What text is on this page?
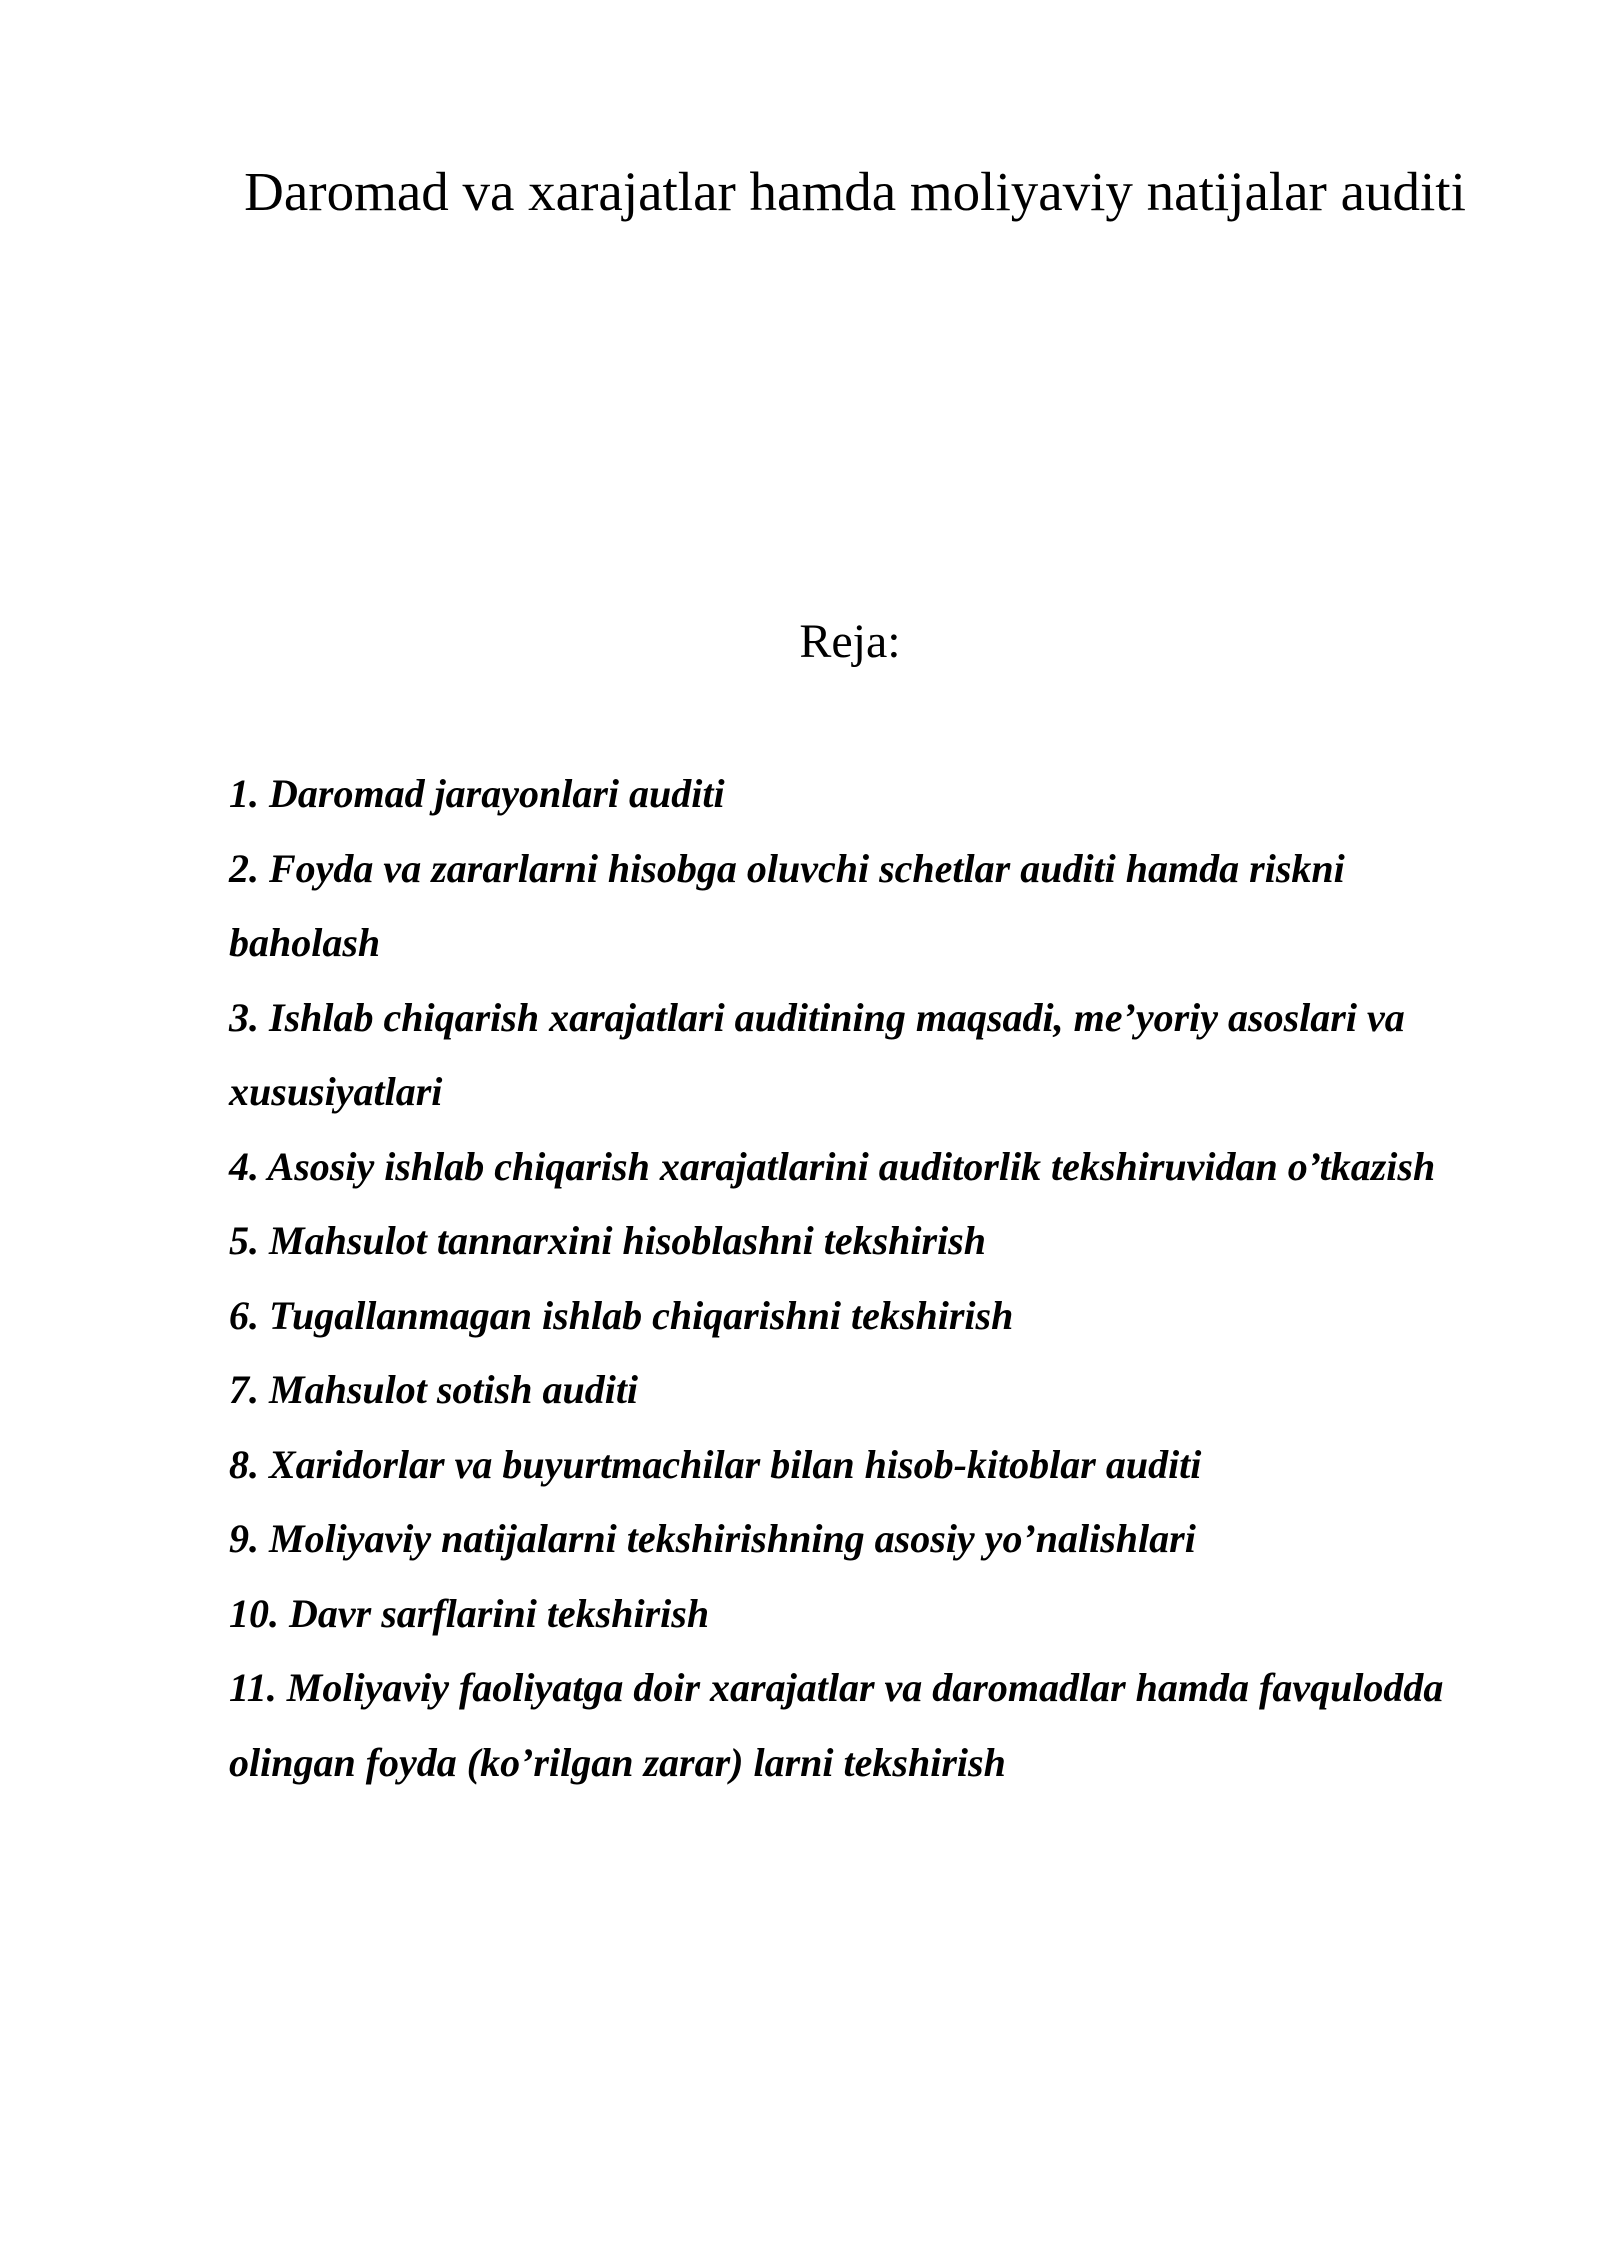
Daromad va xarajatlar hamda moliyaviy natijalar auditi
Reja:
1. Daromad jarayonlari auditi
2. Foyda va zararlarni hisobga oluvchi schetlar auditi hamda riskni baholash
3. Ishlab chiqarish xarajatlari auditining maqsadi, me’yoriy asoslari va xususiyatlari
4. Asosiy ishlab chiqarish xarajatlarini auditorlik tekshiruvidan o’tkazish
5. Mahsulot tannarxini hisoblashni tekshirish
6. Tugallanmagan ishlab chiqarishni tekshirish
7. Mahsulot sotish auditi
8. Xaridorlar va buyurtmachilar bilan hisob-kitoblar auditi
9. Moliyaviy natijalarni tekshirishning asosiy yo’nalishlari
10. Davr sarflarini tekshirish
11. Moliyaviy faoliyatga doir xarajatlar va daromadlar hamda favqulodda olingan foyda (ko’rilgan zarar) larni tekshirish
